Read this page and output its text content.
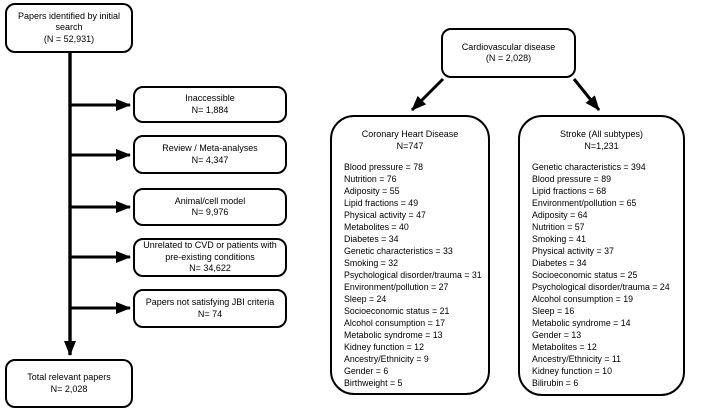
Papers identified by initial search
(N = 52,931)
Inaccessible
N= 1,884
Review / Meta-analyses
N= 4,347
Animal/cell model
N= 9,976
Unrelated to CVD or patients with pre-existing conditions
N= 34,622
Papers not satisfying JBI criteria
N= 74
Total relevant papers
N= 2,028
Cardiovascular disease
(N = 2,028)
Coronary Heart Disease
N=747
Blood pressure = 78
Nutrition = 76
Adiposity = 55
Lipid fractions = 49
Physical activity = 47
Metabolites = 40
Diabetes = 34
Genetic characteristics = 33
Smoking = 32
Psychological disorder/trauma = 31
Environment/pollution = 27
Sleep = 24
Socioeconomic status = 21
Alcohol consumption = 17
Metabolic syndrome = 13
Kidney function = 12
Ancestry/Ethnicity = 9
Gender = 6
Birthweight = 5
Stroke (All subtypes)
N=1,231
Genetic characteristics = 394
Blood pressure = 89
Lipid fractions = 68
Environment/pollution = 65
Adiposity = 64
Nutrition = 57
Smoking = 41
Physical activity = 37
Diabetes = 34
Socioeconomic status = 25
Psychological disorder/trauma = 24
Alcohol consumption = 19
Sleep = 16
Metabolic syndrome = 14
Gender = 13
Metabolites = 12
Ancestry/Ethnicity = 11
Kidney function = 10
Bilirubin = 6
